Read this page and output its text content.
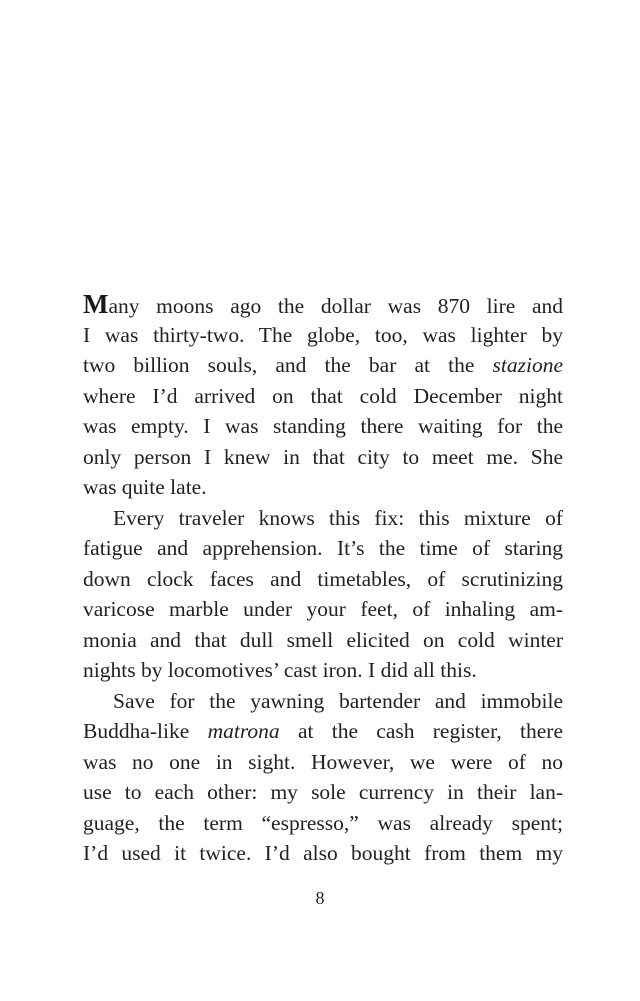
Many moons ago the dollar was 870 lire and
I was thirty-two. The globe, too, was lighter by
two billion souls, and the bar at the stazione
where I’d arrived on that cold December night
was empty. I was standing there waiting for the
only person I knew in that city to meet me. She
was quite late.
Every traveler knows this fix: this mixture of
fatigue and apprehension. It’s the time of staring
down clock faces and timetables, of scrutinizing
varicose marble under your feet, of inhaling am-
monia and that dull smell elicited on cold winter
nights by locomotives’ cast iron. I did all this.
Save for the yawning bartender and immobile
Buddha-like matrona at the cash register, there
was no one in sight. However, we were of no
use to each other: my sole currency in their lan-
guage, the term “espresso,” was already spent;
I’d used it twice. I’d also bought from them my
8
